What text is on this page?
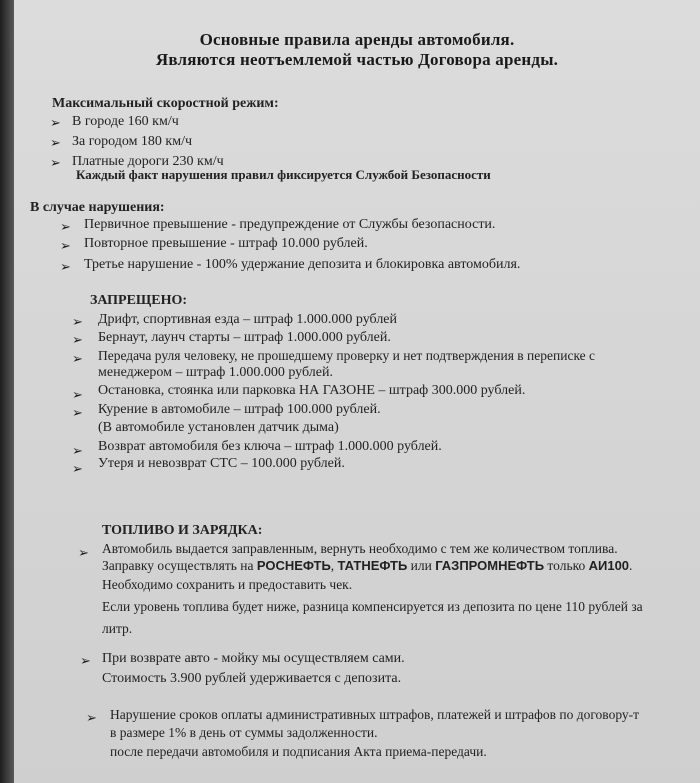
Основные правила аренды автомобиля.
Являются неотъемлемой частью Договора аренды.
Максимальный скоростной режим:
➢ В городе 160 км/ч
➢ За городом 180 км/ч
➢ Платные дороги 230 км/ч
Каждый факт нарушения правил фиксируется Службой Безопасности
В случае нарушения:
➢ Первичное превышение - предупреждение от Службы безопасности.
➢ Повторное превышение - штраф 10.000 рублей.
➢ Третье нарушение - 100% удержание депозита и блокировка автомобиля.
ЗАПРЕЩЕНО:
➢ Дрифт, спортивная езда – штраф 1.000.000 рублей
➢ Бернаут, лаунч старты – штраф 1.000.000 рублей.
➢ Передача руля человеку, не прошедшему проверку и нет подтверждения в переписке с
менеджером – штраф 1.000.000 рублей.
➢ Остановка, стоянка или парковка НА ГАЗОНЕ – штраф 300.000 рублей.
➢ Курение в автомобиле – штраф 100.000 рублей.
(В автомобиле установлен датчик дыма)
➢ Возврат автомобиля без ключа – штраф 1.000.000 рублей.
➢ Утеря и невозврат СТС – 100.000 рублей.
ТОПЛИВО И ЗАРЯДКА:
➢ Автомобиль выдается заправленным, вернуть необходимо с тем же количеством топлива.
Заправку осуществлять на РОСНЕФТЬ, ТАТНЕФТЬ или ГАЗПРОМНЕФТЬ только АИ100.
Необходимо сохранить и предоставить чек.
Если уровень топлива будет ниже, разница компенсируется из депозита по цене 110 рублей за
литр.
➢ При возврате авто - мойку мы осуществляем сами.
Стоимость 3.900 рублей удерживается с депозита.
➢ Нарушение сроков оплаты административных штрафов, платежей и штрафов по договору-т
в размере 1% в день от суммы задолженности.
после передачи автомобиля и подписания Акта приема-передачи.
